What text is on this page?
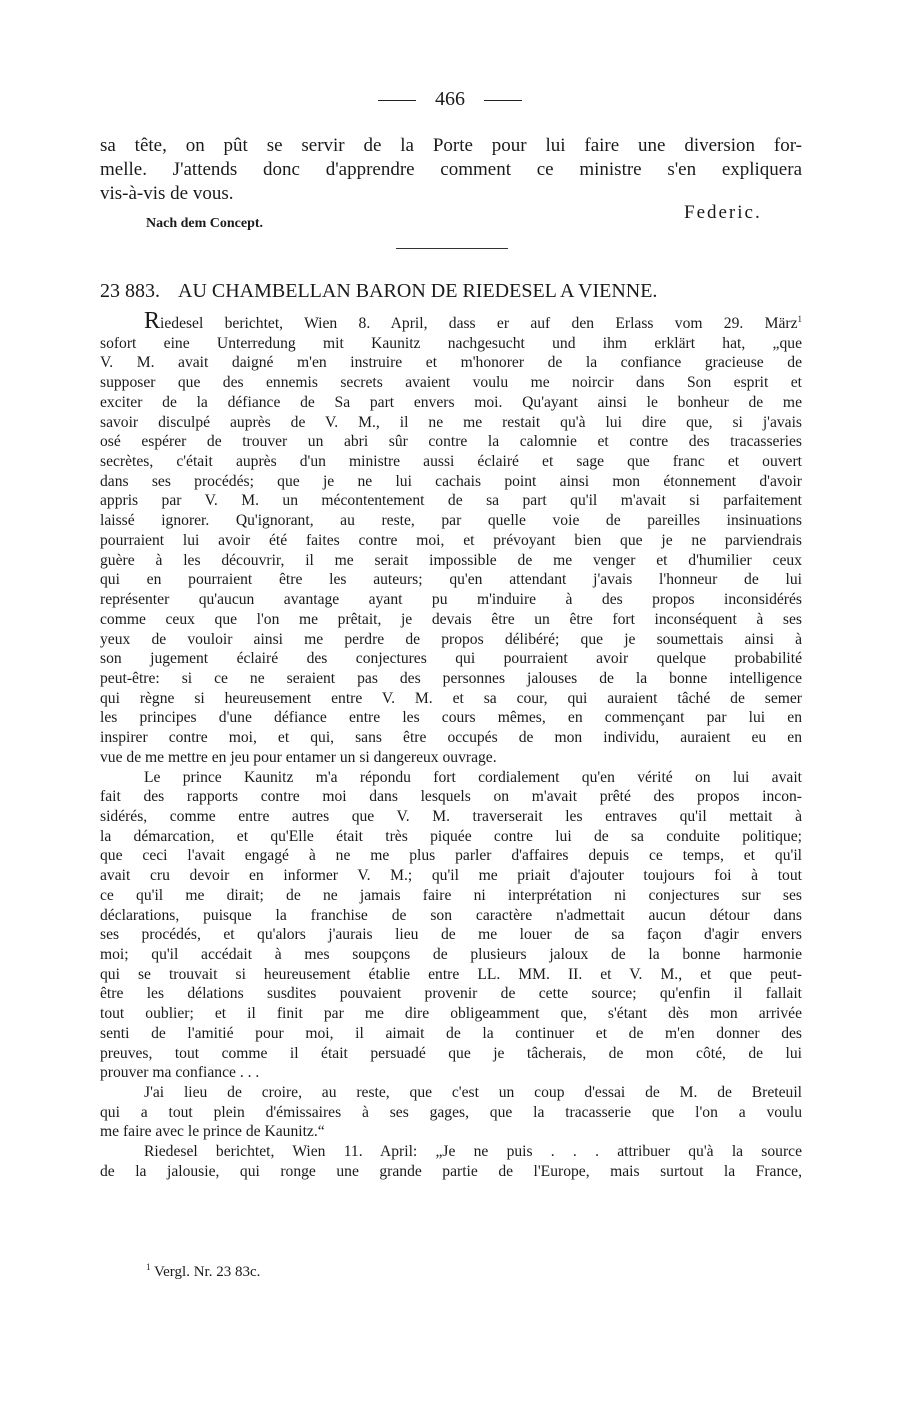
466
sa tête, on pût se servir de la Porte pour lui faire une diversion for-
melle. J'attends donc d'apprendre comment ce ministre s'en expliquera
vis-à-vis de vous.
Federic.
Nach dem Concept.
23 883. AU CHAMBELLAN BARON DE RIEDESEL A VIENNE.
Riedesel berichtet, Wien 8. April, dass er auf den Erlass vom 29. März$^1$
sofort eine Unterredung mit Kaunitz nachgesucht und ihm erklärt hat, „que
V. M. avait daigné m'en instruire et m'honorer de la confiance gracieuse de
supposer que des ennemis secrets avaient voulu me noircir dans Son esprit et
exciter de la défiance de Sa part envers moi. Qu'ayant ainsi le bonheur de me
savoir disculpé auprès de V. M., il ne me restait qu'à lui dire que, si j'avais
osé espérer de trouver un abri sûr contre la calomnie et contre des tracasseries
secrètes, c'était auprès d'un ministre aussi éclairé et sage que franc et ouvert
dans ses procédés; que je ne lui cachais point ainsi mon étonnement d'avoir
appris par V. M. un mécontentement de sa part qu'il m'avait si parfaitement
laissé ignorer. Qu'ignorant, au reste, par quelle voie de pareilles insinuations
pourraient lui avoir été faites contre moi, et prévoyant bien que je ne parviendrais
guère à les découvrir, il me serait impossible de me venger et d'humilier ceux
qui en pourraient être les auteurs; qu'en attendant j'avais l'honneur de lui
représenter qu'aucun avantage ayant pu m'induire à des propos inconsidérés
comme ceux que l'on me prêtait, je devais être un être fort inconséquent à ses
yeux de vouloir ainsi me perdre de propos délibéré; que je soumettais ainsi à
son jugement éclairé des conjectures qui pourraient avoir quelque probabilité
peut-être: si ce ne seraient pas des personnes jalouses de la bonne intelligence
qui règne si heureusement entre V. M. et sa cour, qui auraient tâché de semer
les principes d'une défiance entre les cours mêmes, en commençant par lui en
inspirer contre moi, et qui, sans être occupés de mon individu, auraient eu en
vue de me mettre en jeu pour entamer un si dangereux ouvrage.
Le prince Kaunitz m'a répondu fort cordialement qu'en vérité on lui avait
fait des rapports contre moi dans lesquels on m'avait prêté des propos incon-
sidérés, comme entre autres que V. M. traverserait les entraves qu'il mettait à
la démarcation, et qu'Elle était très piquée contre lui de sa conduite politique;
que ceci l'avait engagé à ne me plus parler d'affaires depuis ce temps, et qu'il
avait cru devoir en informer V. M.; qu'il me priait d'ajouter toujours foi à tout
ce qu'il me dirait; de ne jamais faire ni interprétation ni conjectures sur ses
déclarations, puisque la franchise de son caractère n'admettait aucun détour dans
ses procédés, et qu'alors j'aurais lieu de me louer de sa façon d'agir envers
moi; qu'il accédait à mes soupçons de plusieurs jaloux de la bonne harmonie
qui se trouvait si heureusement établie entre LL. MM. II. et V. M., et que peut-
être les délations susdites pouvaient provenir de cette source; qu'enfin il fallait
tout oublier; et il finit par me dire obligeamment que, s'étant dès mon arrivée
senti de l'amitié pour moi, il aimait de la continuer et de m'en donner des
preuves, tout comme il était persuadé que je tâcherais, de mon côté, de lui
prouver ma confiance . . .
J'ai lieu de croire, au reste, que c'est un coup d'essai de M. de Breteuil
qui a tout plein d'émissaires à ses gages, que la tracasserie que l'on a voulu
me faire avec le prince de Kaunitz.“
Riedesel berichtet, Wien 11. April: „Je ne puis . . . attribuer qu'à la source
de la jalousie, qui ronge une grande partie de l'Europe, mais surtout la France,
$^1$ Vergl. Nr. 23 83c.
